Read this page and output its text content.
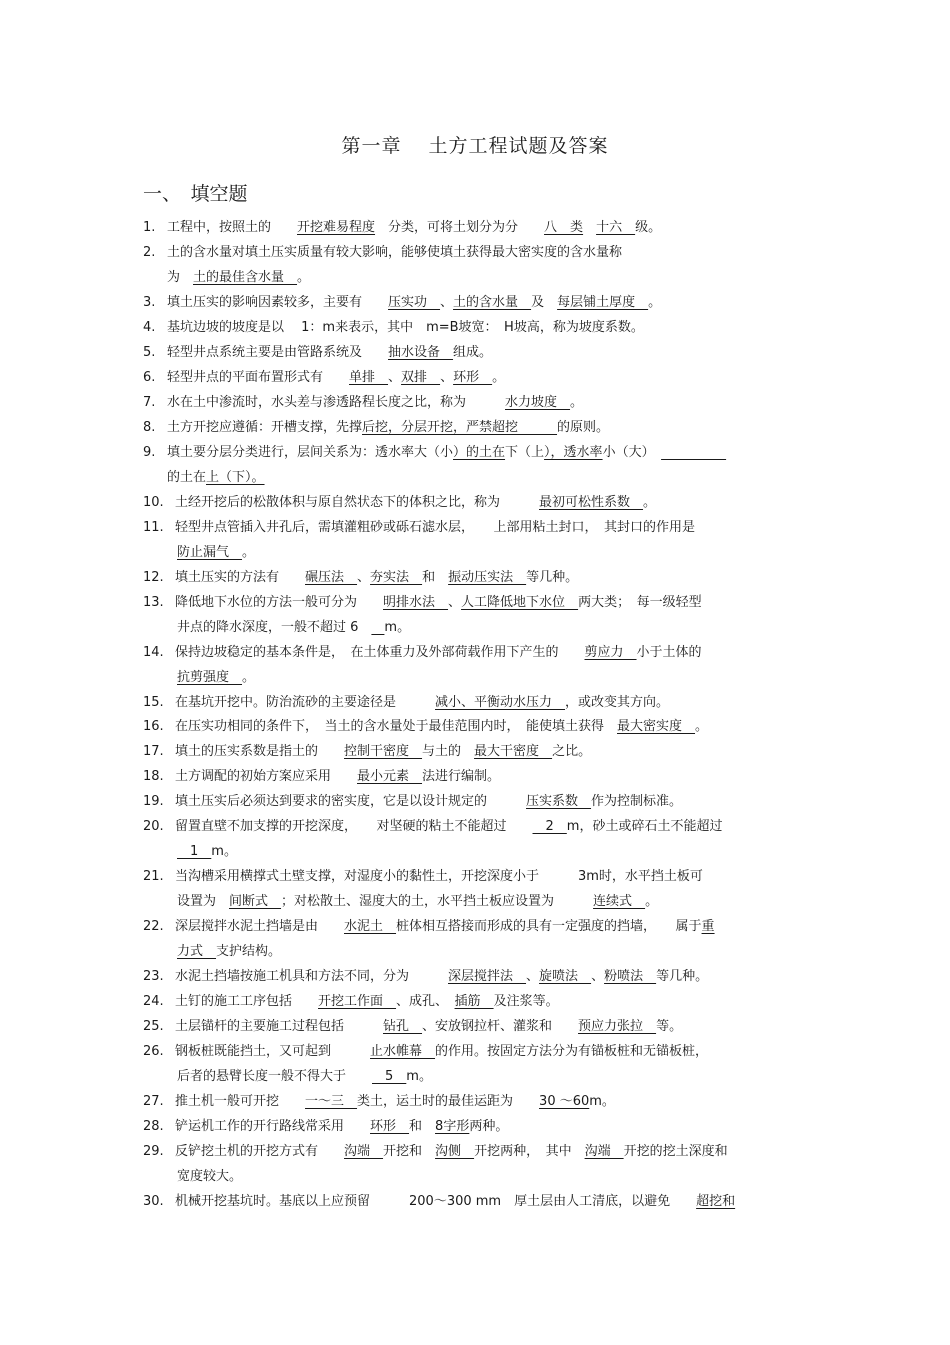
第一章　 土方工程试题及答案
一、　填空题
1. 工程中，按照土的　　开挖难易程度　分类，可将土划分为分　　八　类　 十六　级。
2. 土的含水量对填土压实质量有较大影响，能够使填土获得最大密实度的含水量称
为　土的最佳含水量　。
3. 填土压实的影响因素较多，主要有　　压实功　、土的含水量　及　每层铺土厚度　。
4. 基坑边坡的坡度是以　 1：m来表示，其中　m=B坡宽：　H坡高，称为坡度系数。
5. 轻型井点系统主要是由管路系统及　　抽水设备　组成。
6. 轻型井点的平面布置形式有　　单排　、双排　、环形　。
7. 水在土中渗流时，水头差与渗透路程长度之比，称为　　　水力坡度　。
8. 土方开挖应遵循：开槽支撑，先撑后挖，分层开挖，严禁超挖　　　的原则。
9. 填土要分层分类进行，层间关系为：透水率大（小）的土在下（上），透水率小（大）　　　　　　
的土在上（下）。
10. 土经开挖后的松散体积与原自然状态下的体积之比，称为　　　最初可松性系数　。
11. 轻型井点管插入井孔后，需填灌粗砂或砾石滤水层，　　上部用粘土封口，　其封口的作用是
防止漏气　。
12. 填土压实的方法有　　碾压法　、夯实法　和　振动压实法　等几种。
13. 降低地下水位的方法一般可分为　　明排水法　、人工降低地下水位　两大类；　每一级轻型
井点的降水深度，一般不超过 6　　m。
14. 保持边坡稳定的基本条件是，　在土体重力及外部荷载作用下产生的　　剪应力　小于土体的
抗剪强度　。
15. 在基坑开挖中。防治流砂的主要途径是　　　减小、平衡动水压力　，或改变其方向。
16. 在压实功相同的条件下，　当土的含水量处于最佳范围内时，　能使填土获得　最大密实度　。
17. 填土的压实系数是指土的　　控制干密度　与土的　最大干密度　之比。
18. 土方调配的初始方案应采用　　最小元素　法进行编制。
19. 填土压实后必须达到要求的密实度，它是以设计规定的　　　压实系数　作为控制标准。
20. 留置直壁不加支撑的开挖深度，　　对坚硬的粘土不能超过　　　2　m，砂土或碎石土不能超过
　1　m。
21. 当沟槽采用横撑式土壁支撑，对湿度小的黏性土，开挖深度小于　　　3m时，水平挡土板可
设置为　间断式　；对松散土、湿度大的土，水平挡土板应设置为　　　连续式　。
22. 深层搅拌水泥土挡墙是由　　水泥土　桩体相互搭接而形成的具有一定强度的挡墙，　　属于重
力式　支护结构。
23. 水泥土挡墙按施工机具和方法不同，分为　　　深层搅拌法　、旋喷法　、粉喷法　等几种。
24. 土钉的施工工序包括　　开挖工作面　、成孔、　插筋　及注浆等。
25. 土层锚杆的主要施工过程包括　　　钻孔　、安放钢拉杆、灌浆和　　预应力张拉　等。
26. 钢板桩既能挡土，又可起到　　　止水帷幕　的作用。按固定方法分为有锚板桩和无锚板桩，
后者的悬臂长度一般不得大于　　　5　m。
27. 推土机一般可开挖　　一～三　类土，运土时的最佳运距为　　30 ～60m。
28. 铲运机工作的开行路线常采用　　环形　和　8字形两种。
29. 反铲挖土机的开挖方式有　　沟端　开挖和　沟侧　开挖两种，　其中　沟端　开挖的挖土深度和
宽度较大。
30. 机械开挖基坑时。基底以上应预留　　　200～300 mm　厚土层由人工清底，以避免　　超挖和
